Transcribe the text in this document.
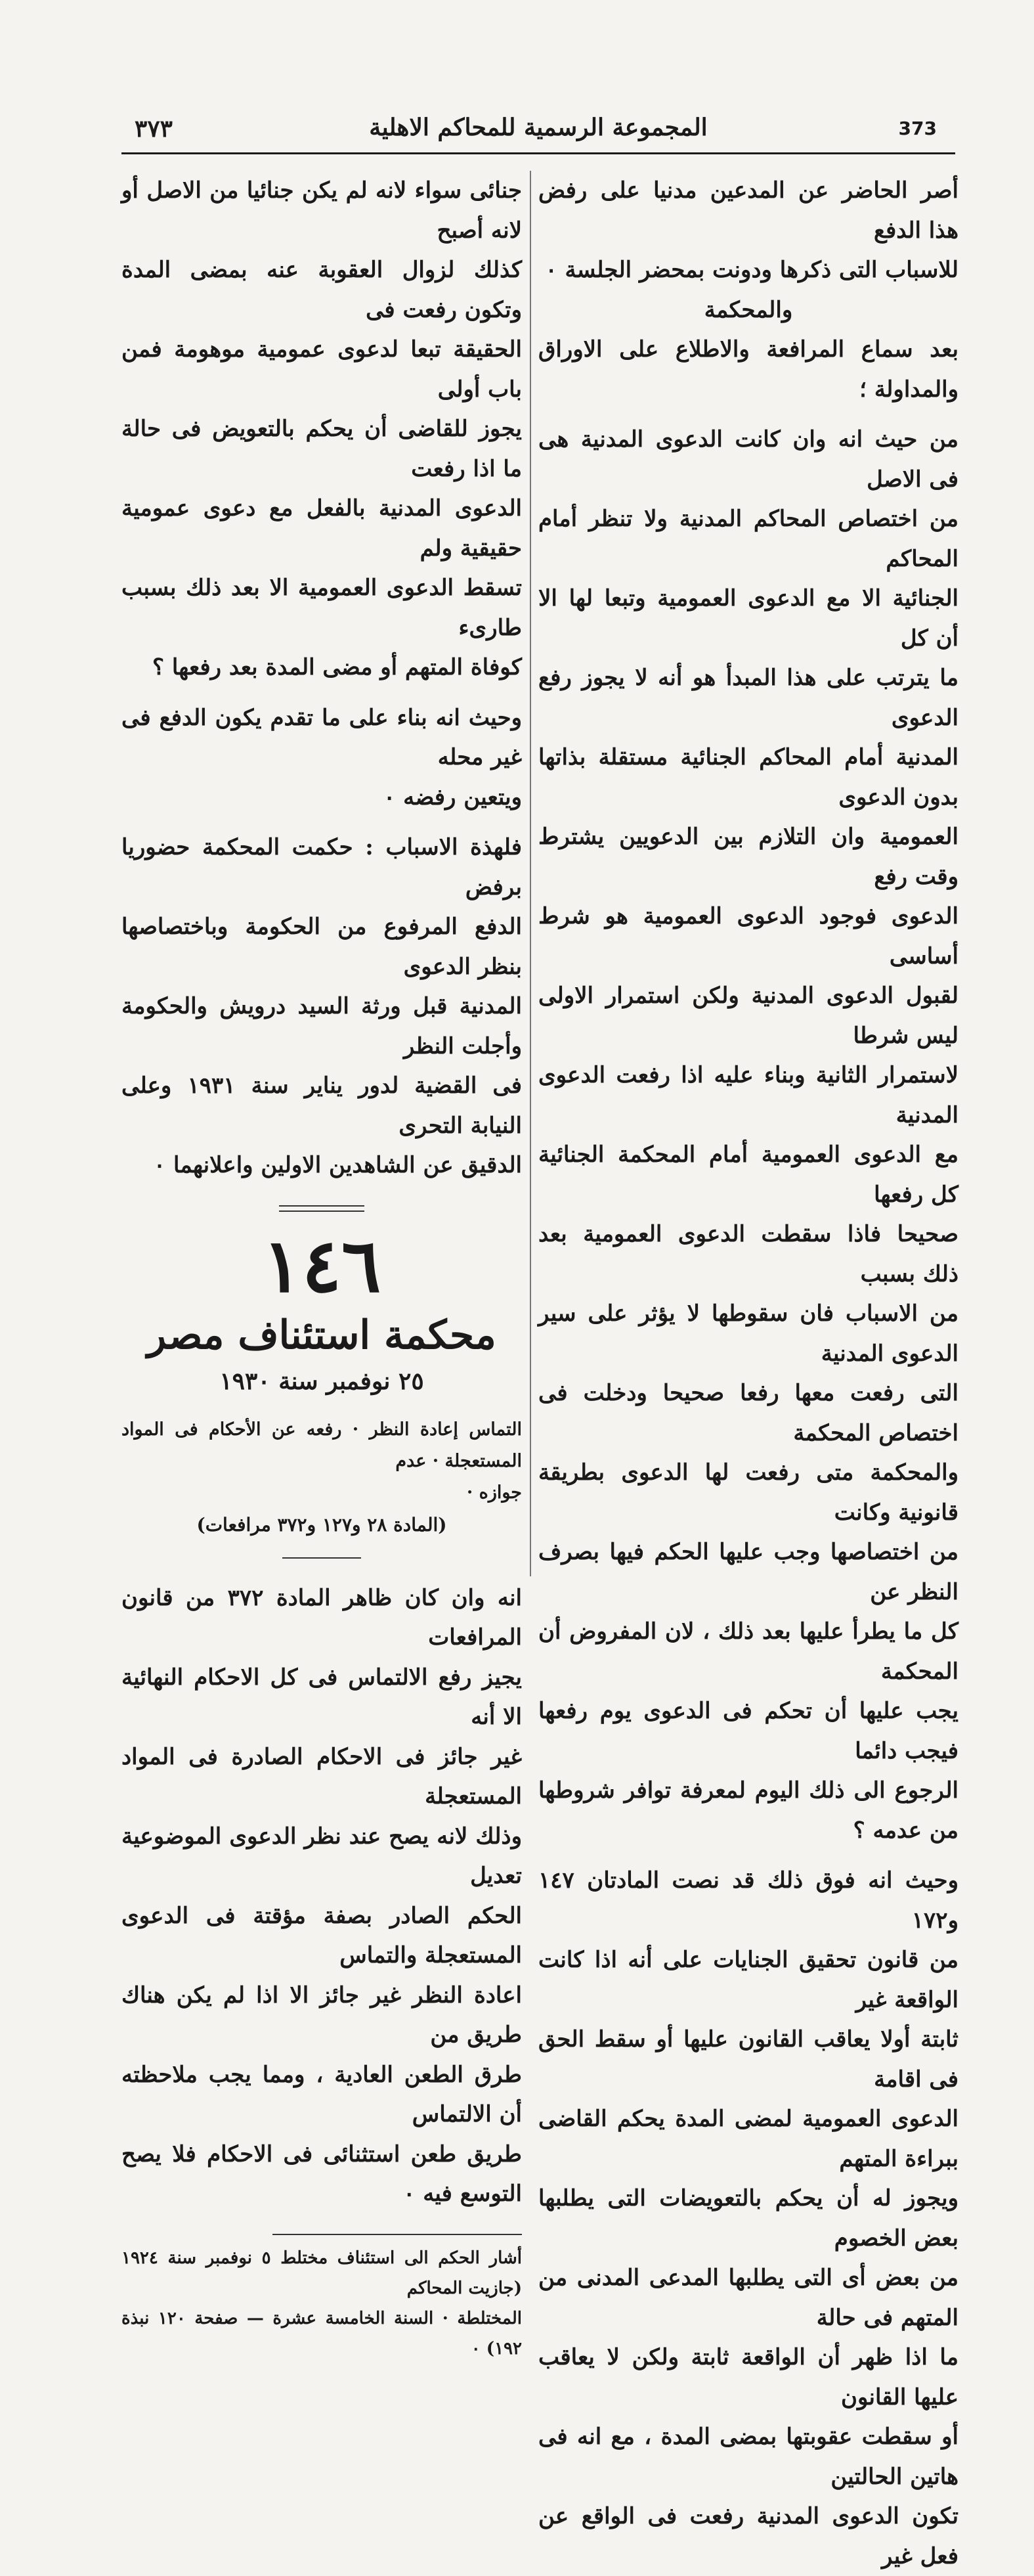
٣٧٣	المجموعة الرسمية للمحاكم الاهلية	373

أصر الحاضر عن المدعين مدنيا على رفض هذا الدفع

للاسباب التى ذكرها ودونت بمحضر الجلسة ٠

والمحكمة

بعد سماع المرافعة والاطلاع على الاوراق والمداولة ؛

من حيث انه وان كانت الدعوى المدنية هى فى الاصل

من اختصاص المحاكم المدنية ولا تنظر أمام المحاكم

الجنائية الا مع الدعوى العمومية وتبعا لها الا أن كل

ما يترتب على هذا المبدأ هو أنه لا يجوز رفع الدعوى

المدنية أمام المحاكم الجنائية مستقلة بذاتها بدون الدعوى

العمومية وان التلازم بين الدعويين يشترط وقت رفع

الدعوى فوجود الدعوى العمومية هو شرط أساسى

لقبول الدعوى المدنية ولكن استمرار الاولى ليس شرطا

لاستمرار الثانية وبناء عليه اذا رفعت الدعوى المدنية

مع الدعوى العمومية أمام المحكمة الجنائية كل رفعها

صحيحا فاذا سقطت الدعوى العمومية بعد ذلك بسبب

من الاسباب فان سقوطها لا يؤثر على سير الدعوى المدنية

التى رفعت معها رفعا صحيحا ودخلت فى اختصاص المحكمة

والمحكمة متى رفعت لها الدعوى بطريقة قانونية وكانت

من اختصاصها وجب عليها الحكم فيها بصرف النظر عن

كل ما يطرأ عليها بعد ذلك ، لان المفروض أن المحكمة

يجب عليها أن تحكم فى الدعوى يوم رفعها فيجب دائما

الرجوع الى ذلك اليوم لمعرفة توافر شروطها من عدمه ؟

وحيث انه فوق ذلك قد نصت المادتان ١٤٧ و١٧٢

من قانون تحقيق الجنايات على أنه اذا كانت الواقعة غير

ثابتة أولا يعاقب القانون عليها أو سقط الحق فى اقامة

الدعوى العمومية لمضى المدة يحكم القاضى ببراءة المتهم

ويجوز له أن يحكم بالتعويضات التى يطلبها بعض الخصوم

من بعض أى التى يطلبها المدعى المدنى من المتهم فى حالة

ما اذا ظهر أن الواقعة ثابتة ولكن لا يعاقب عليها القانون

أو سقطت عقوبتها بمضى المدة ، مع انه فى هاتين الحالتين

تكون الدعوى المدنية رفعت فى الواقع عن فعل غير

جنائى سواء لانه لم يكن جنائيا من الاصل أو لانه أصبح

كذلك لزوال العقوبة عنه بمضى المدة وتكون رفعت فى

الحقيقة تبعا لدعوى عمومية موهومة فمن باب أولى

يجوز للقاضى أن يحكم بالتعويض فى حالة ما اذا رفعت

الدعوى المدنية بالفعل مع دعوى عمومية حقيقية ولم

تسقط الدعوى العمومية الا بعد ذلك بسبب طارىء

كوفاة المتهم أو مضى المدة بعد رفعها ؟

وحيث انه بناء على ما تقدم يكون الدفع فى غير محله

ويتعين رفضه ٠

فلهذة الاسباب : حكمت المحكمة حضوريا برفض

الدفع المرفوع من الحكومة وباختصاصها بنظر الدعوى

المدنية قبل ورثة السيد درويش والحكومة وأجلت النظر

فى القضية لدور يناير سنة ١٩٣١ وعلى النيابة التحرى

الدقيق عن الشاهدين الاولين واعلانهما ٠

١٤٦
محكمة استئناف مصر
٢٥ نوفمبر سنة ١٩٣٠

التماس إعادة النظر · رفعه عن الأحكام فى المواد المستعجلة · عدم

جوازه ·

(المادة ٢٨ و١٢٧ و٣٧٢ مرافعات)

انه وان كان ظاهر المادة ٣٧٢ من قانون المرافعات

يجيز رفع الالتماس فى كل الاحكام النهائية الا أنه

غير جائز فى الاحكام الصادرة فى المواد المستعجلة

وذلك لانه يصح عند نظر الدعوى الموضوعية تعديل

الحكم الصادر بصفة مؤقتة فى الدعوى المستعجلة والتماس

اعادة النظر غير جائز الا اذا لم يكن هناك طريق من

طرق الطعن العادية ، ومما يجب ملاحظته أن الالتماس

طريق طعن استثنائى فى الاحكام فلا يصح التوسع فيه ٠

أشار الحكم الى استئناف مختلط ٥ نوفمبر سنة ١٩٢٤ (جازيت المحاكم

المختلطة · السنة الخامسة عشرة — صفحة ١٢٠ نبذة ١٩٢) ٠
